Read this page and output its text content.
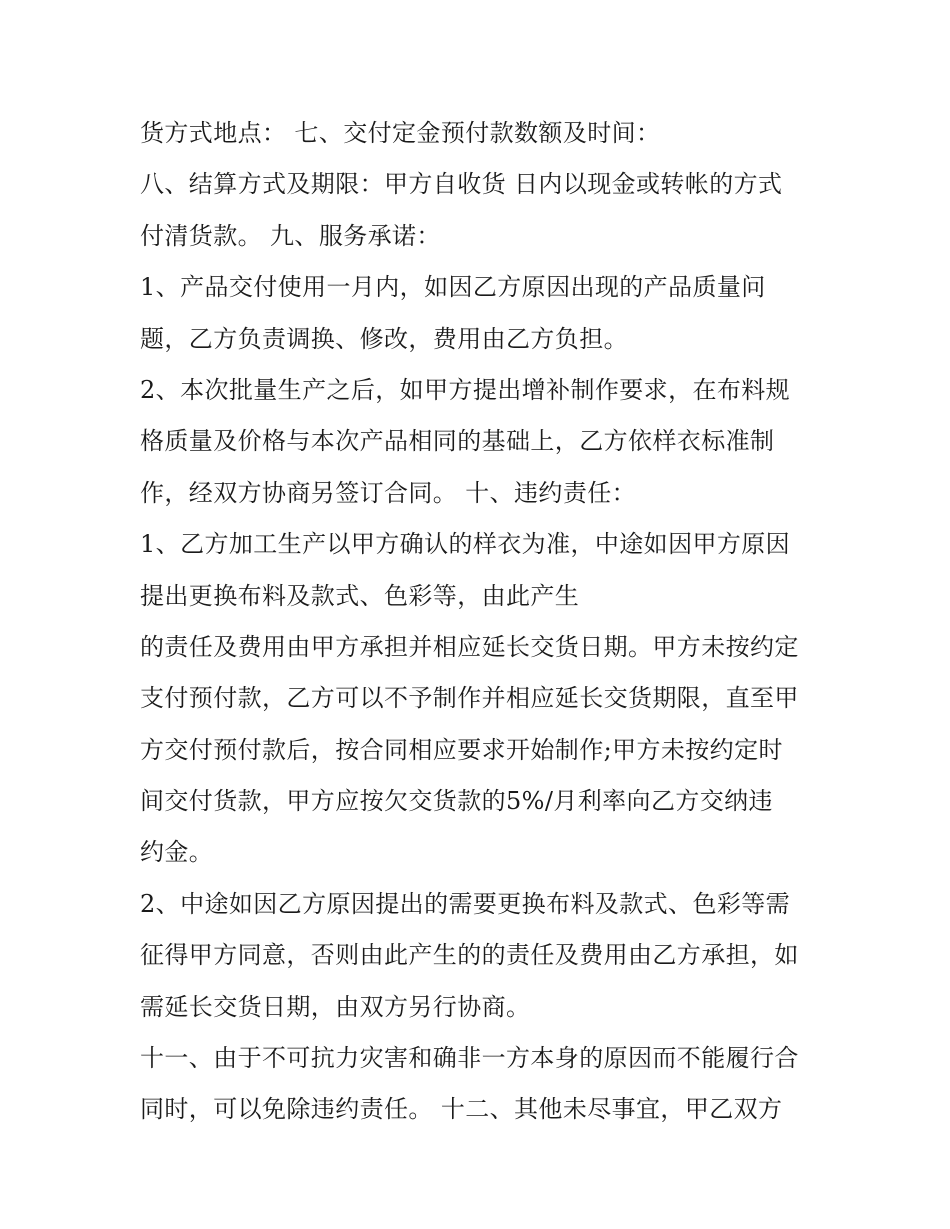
货方式地点： 七、交付定金预付款数额及时间：
八、结算方式及期限：甲方自收货 日内以现金或转帐的方式
付清货款。 九、服务承诺：
1、产品交付使用一月内，如因乙方原因出现的产品质量问
题，乙方负责调换、修改，费用由乙方负担。
2、本次批量生产之后，如甲方提出增补制作要求，在布料规
格质量及价格与本次产品相同的基础上，乙方依样衣标准制
作，经双方协商另签订合同。 十、违约责任：
1、乙方加工生产以甲方确认的样衣为准，中途如因甲方原因
提出更换布料及款式、色彩等，由此产生
的责任及费用由甲方承担并相应延长交货日期。甲方未按约定
支付预付款，乙方可以不予制作并相应延长交货期限，直至甲
方交付预付款后，按合同相应要求开始制作;甲方未按约定时
间交付货款，甲方应按欠交货款的5%/月利率向乙方交纳违
约金。
2、中途如因乙方原因提出的需要更换布料及款式、色彩等需
征得甲方同意，否则由此产生的的责任及费用由乙方承担，如
需延长交货日期，由双方另行协商。
十一、由于不可抗力灾害和确非一方本身的原因而不能履行合
同时，可以免除违约责任。 十二、其他未尽事宜，甲乙双方
